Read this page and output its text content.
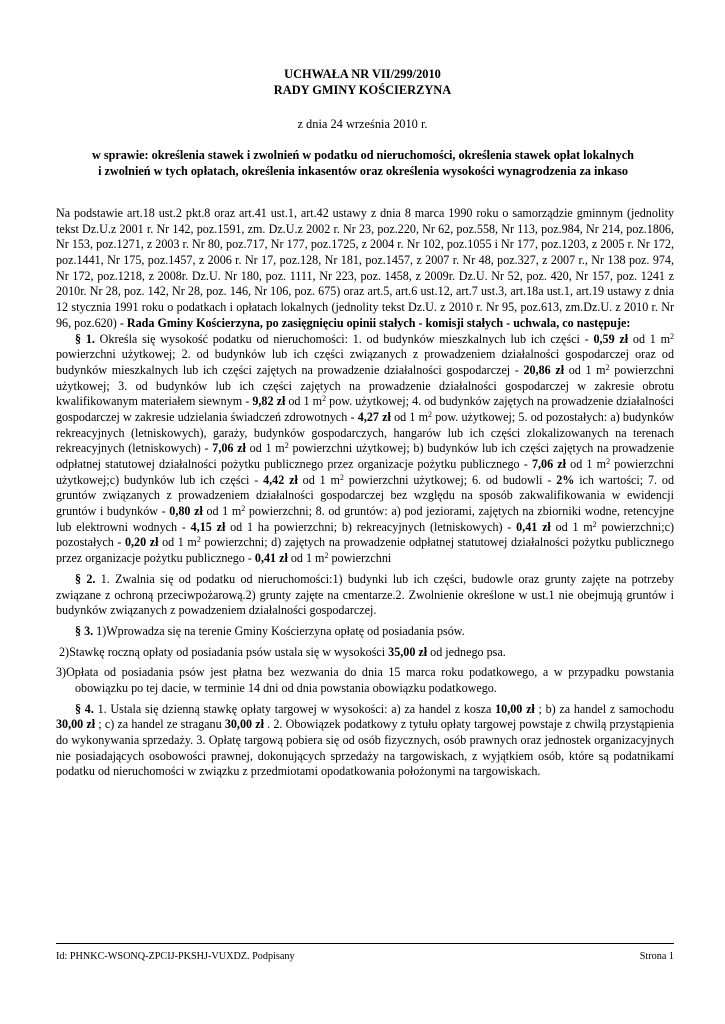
UCHWAŁA NR VII/299/2010
RADY GMINY KOŚCIERZYNA
z dnia 24 września 2010 r.
w sprawie: określenia stawek i zwolnień w podatku od nieruchomości, określenia stawek opłat lokalnych
i zwolnień w tych opłatach, określenia inkasentów oraz określenia wysokości wynagrodzenia za inkaso

Na podstawie art.18 ust.2 pkt.8 oraz art.41 ust.1, art.42 ustawy z dnia 8 marca 1990 roku o samorządzie gminnym (jednolity tekst Dz.U.z 2001 r. Nr 142, poz.1591, zm. Dz.U.z 2002 r. Nr 23, poz.220, Nr 62, poz.558, Nr 113, poz.984, Nr 214, poz.1806, Nr 153, poz.1271, z 2003 r. Nr 80, poz.717, Nr 177, poz.1725, z 2004 r. Nr 102, poz.1055 i Nr 177, poz.1203, z 2005 r. Nr 172, poz.1441, Nr 175, poz.1457, z 2006 r. Nr 17, poz.128, Nr 181, poz.1457, z 2007 r. Nr 48, poz.327, z 2007 r., Nr 138 poz. 974, Nr 172, poz.1218, z 2008r. Dz.U. Nr 180, poz. 1111, Nr 223, poz. 1458, z 2009r. Dz.U. Nr 52, poz. 420, Nr 157, poz. 1241 z 2010r. Nr 28, poz. 142, Nr 28, poz. 146, Nr 106, poz. 675) oraz art.5, art.6 ust.12, art.7 ust.3, art.18a ust.1, art.19 ustawy z dnia 12 stycznia 1991 roku o podatkach i opłatach lokalnych (jednolity tekst Dz.U. z 2010 r. Nr 95, poz.613, zm.Dz.U. z 2010 r. Nr 96, poz.620) - Rada Gminy Kościerzyna, po zasięgnięciu opinii stałych - komisji stałych - uchwala, co następuje:

§ 1. Określa się wysokość podatku od nieruchomości: 1. od budynków mieszkalnych lub ich części - 0,59 zł od 1 $m^2$ powierzchni użytkowej; 2. od budynków lub ich części związanych z prowadzeniem działalności gospodarczej oraz od budynków mieszkalnych lub ich części zajętych na prowadzenie działalności gospodarczej - 20,86 zł od 1 $m^2$ powierzchni użytkowej; 3. od budynków lub ich części zajętych na prowadzenie działalności gospodarczej w zakresie obrotu kwalifikowanym materiałem siewnym - 9,82 zł od 1 $m^2$ pow. użytkowej; 4. od budynków zajętych na prowadzenie działalności gospodarczej w zakresie udzielania świadczeń zdrowotnych - 4,27 zł od 1 $m^2$ pow. użytkowej; 5. od pozostałych: a) budynków rekreacyjnych (letniskowych), garaży, budynków gospodarczych, hangarów lub ich części zlokalizowanych na terenach rekreacyjnych (letniskowych) - 7,06 zł od 1 $m^2$ powierzchni użytkowej; b) budynków lub ich części zajętych na prowadzenie odpłatnej statutowej działalności pożytku publicznego przez organizacje pożytku publicznego - 7,06 zł od 1 $m^2$ powierzchni użytkowej;c) budynków lub ich części - 4,42 zł od 1 $m^2$ powierzchni użytkowej; 6. od budowli - 2% ich wartości; 7. od gruntów związanych z prowadzeniem działalności gospodarczej bez względu na sposób zakwalifikowania w ewidencji gruntów i budynków - 0,80 zł od 1 $m^2$ powierzchni; 8. od gruntów: a) pod jeziorami, zajętych na zbiorniki wodne, retencyjne lub elektrowni wodnych - 4,15 zł od 1 ha powierzchni; b) rekreacyjnych (letniskowych) - 0,41 zł od 1 $m^2$ powierzchni;c) pozostałych - 0,20 zł od 1 $m^2$ powierzchni; d) zajętych na prowadzenie odpłatnej statutowej działalności pożytku publicznego przez organizacje pożytku publicznego - 0,41 zł od 1 $m^2$ powierzchni

§ 2. 1. Zwalnia się od podatku od nieruchomości:1) budynki lub ich części, budowle oraz grunty zajęte na potrzeby związane z ochroną przeciwpożarową.2) grunty zajęte na cmentarze.2. Zwolnienie określone w ust.1 nie obejmują gruntów i budynków związanych z powadzeniem działalności gospodarczej.

§ 3. 1)Wprowadza się na terenie Gminy Kościerzyna opłatę od posiadania psów.

2)Stawkę roczną opłaty od posiadania psów ustala się w wysokości 35,00 zł od jednego psa.

3)Opłata od posiadania psów jest płatna bez wezwania do dnia 15 marca roku podatkowego, a w przypadku powstania obowiązku po tej dacie, w terminie 14 dni od dnia powstania obowiązku podatkowego.

§ 4. 1. Ustala się dzienną stawkę opłaty targowej w wysokości: a) za handel z kosza 10,00 zł ; b) za handel z samochodu 30,00 zł ; c) za handel ze straganu 30,00 zł . 2. Obowiązek podatkowy z tytułu opłaty targowej powstaje z chwilą przystąpienia do wykonywania sprzedaży. 3. Opłatę targową pobiera się od osób fizycznych, osób prawnych oraz jednostek organizacyjnych nie posiadających osobowości prawnej, dokonujących sprzedaży na targowiskach, z wyjątkiem osób, które są podatnikami podatku od nieruchomości w związku z przedmiotami opodatkowania położonymi na targowiskach.

Id: PHNKC-WSONQ-ZPCIJ-PKSHJ-VUXDZ. Podpisany	Strona 1
